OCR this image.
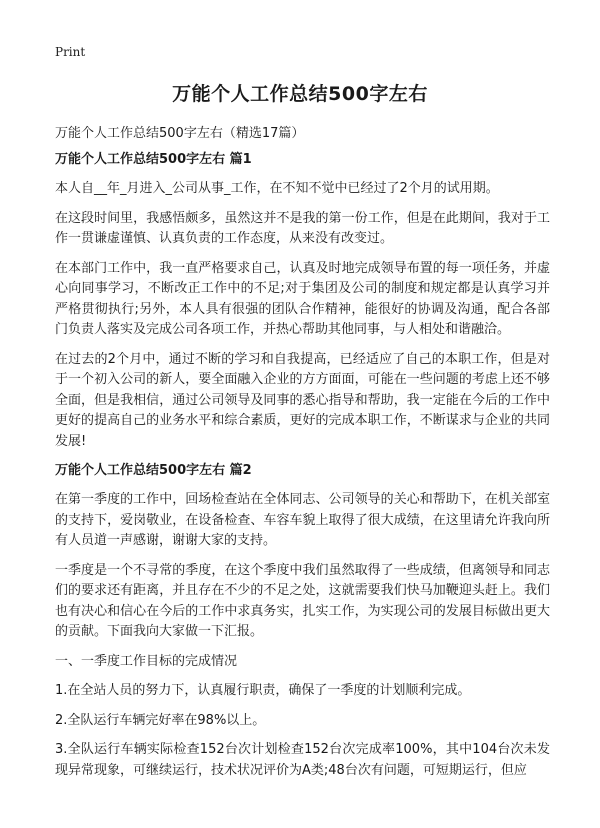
Print
万能个人工作总结500字左右
万能个人工作总结500字左右（精选17篇）
万能个人工作总结500字左右 篇1

本人自__年_月进入_公司从事_工作，在不知不觉中已经过了2个月的试用期。

在这段时间里，我感悟颇多，虽然这并不是我的第一份工作，但是在此期间，我对于工作一贯谦虚谨慎、认真负责的工作态度，从来没有改变过。

在本部门工作中，我一直严格要求自己，认真及时地完成领导布置的每一项任务，并虚心向同事学习，不断改正工作中的不足;对于集团及公司的制度和规定都是认真学习并严格贯彻执行;另外，本人具有很强的团队合作精神，能很好的协调及沟通，配合各部门负责人落实及完成公司各项工作，并热心帮助其他同事，与人相处和谐融洽。

在过去的2个月中，通过不断的学习和自我提高，已经适应了自己的本职工作，但是对于一个初入公司的新人，要全面融入企业的方方面面，可能在一些问题的考虑上还不够全面，但是我相信，通过公司领导及同事的悉心指导和帮助，我一定能在今后的工作中更好的提高自己的业务水平和综合素质，更好的完成本职工作，不断谋求与企业的共同发展!

万能个人工作总结500字左右 篇2

在第一季度的工作中，回场检查站在全体同志、公司领导的关心和帮助下，在机关部室的支持下，爱岗敬业，在设备检查、车容车貌上取得了很大成绩，在这里请允许我向所有人员道一声感谢，谢谢大家的支持。

一季度是一个不寻常的季度，在这个季度中我们虽然取得了一些成绩，但离领导和同志们的要求还有距离，并且存在不少的不足之处，这就需要我们快马加鞭迎头赶上。我们也有决心和信心在今后的工作中求真务实，扎实工作，为实现公司的发展目标做出更大的贡献。下面我向大家做一下汇报。

一、一季度工作目标的完成情况

1.在全站人员的努力下，认真履行职责，确保了一季度的计划顺利完成。

2.全队运行车辆完好率在98%以上。

3.全队运行车辆实际检查152台次计划检查152台次完成率100%，其中104台次未发现异常现象，可继续运行，技术状况评价为A类;48台次有问题，可短期运行，但应
